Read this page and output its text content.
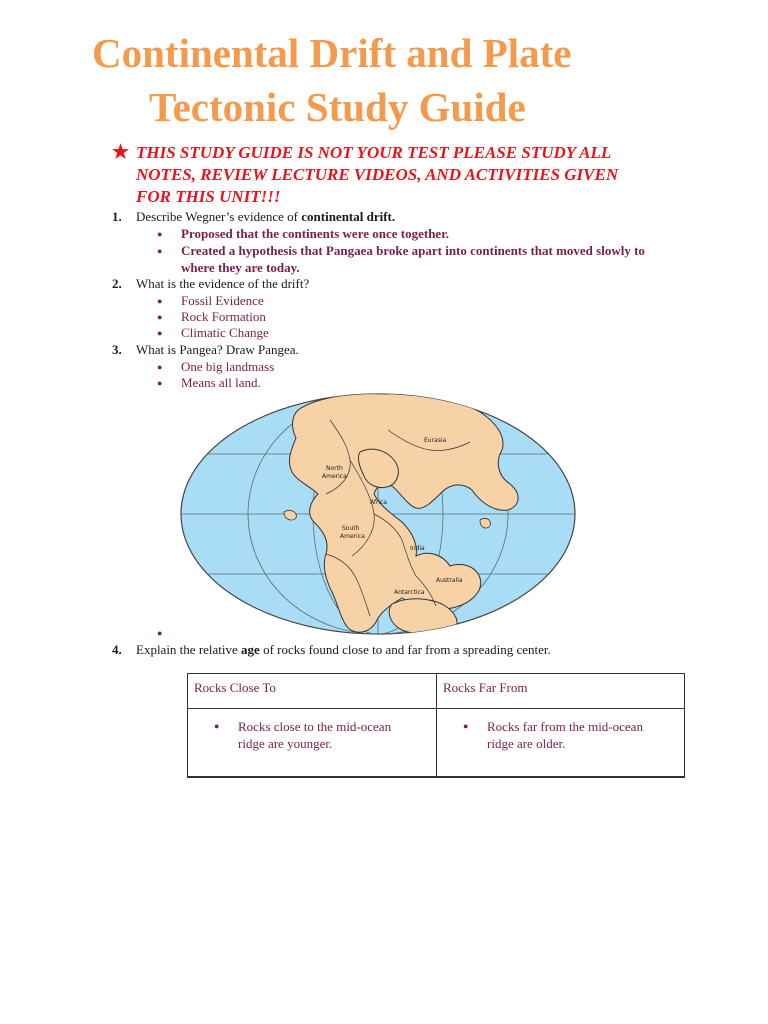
Continental Drift and Plate
Tectonic Study Guide
★ THIS STUDY GUIDE IS NOT YOUR TEST PLEASE STUDY ALL
NOTES, REVIEW LECTURE VIDEOS, AND ACTIVITIES GIVEN
FOR THIS UNIT!!!
1. Describe Wegner’s evidence of continental drift.
●	Proposed that the continents were once together.
●	Created a hypothesis that Pangaea broke apart into continents that moved slowly to
where they are today.
2. What is the evidence of the drift?
●	Fossil Evidence
●	Rock Formation
●	Climatic Change
3. What is Pangea? Draw Pangea.
●	One big landmass
●	Means all land.
Eurasia
North
America
Africa
South
America
India
Australia
Antarctica
●
4. Explain the relative age of rocks found close to and far from a spreading center.
Rocks Close To	Rocks Far From

● Rocks close to the mid-ocean
ridge are younger.	● Rocks far from the mid-ocean
ridge are older.
